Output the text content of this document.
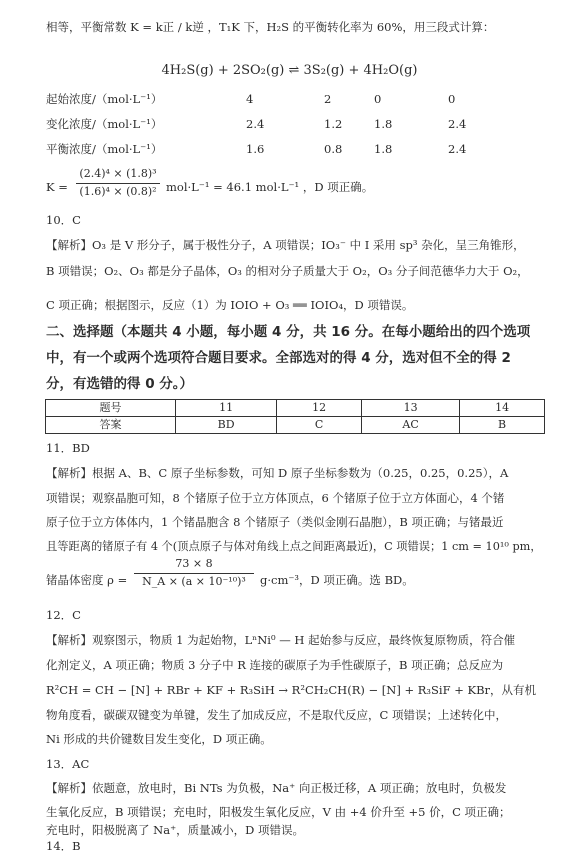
相等，平衡常数 K = k正 / k逆 ，T₁K 下，H₂S 的平衡转化率为 60%，用三段式计算：
4H₂S(g) + 2SO₂(g) ⇌ 3S₂(g) + 4H₂O(g)
起始浓度/（mol·L⁻¹）	4	2	0	0
变化浓度/（mol·L⁻¹）	2.4	1.2	1.8	2.4
平衡浓度/（mol·L⁻¹）	1.6	0.8	1.8	2.4
K =
(2.4)⁴ × (1.8)³
(1.6)⁴ × (0.8)² mol·L⁻¹ = 46.1 mol·L⁻¹ ，D 项正确。
10．C
【解析】O₃ 是 V 形分子，属于极性分子，A 项错误；IO₃⁻ 中 I 采用 sp³ 杂化，呈三角锥形，
B 项错误；O₂、O₃ 都是分子晶体，O₃ 的相对分子质量大于 O₂，O₃ 分子间范德华力大于 O₂，
C 项正确；根据图示，反应（1）为 IOIO + O₃ ══ IOIO₄，D 项错误。
二、选择题（本题共 4 小题，每小题 4 分，共 16 分。在每小题给出的四个选项
中，有一个或两个选项符合题目要求。全部选对的得 4 分，选对但不全的得 2
分，有选错的得 0 分。）
题号	11	12	13	14
答案	BD	C	AC	B
11．BD
【解析】根据 A、B、C 原子坐标参数，可知 D 原子坐标参数为（0.25，0.25，0.25），A
项错误；观察晶胞可知，8 个锗原子位于立方体顶点，6 个锗原子位于立方体面心，4 个锗
原子位于立方体体内，1 个锗晶胞含 8 个锗原子（类似金刚石晶胞），B 项正确；与锗最近
且等距离的锗原子有 4 个(顶点原子与体对角线上点之间距离最近)，C 项错误；1 cm = 10¹⁰ pm，
锗晶体密度 ρ =
73 × 8
N_A × (a × 10⁻¹⁰)³	g·cm⁻³，D 项正确。选 BD。
12．C
【解析】观察图示，物质 1 为起始物，LⁿNi⁰ — H 起始参与反应，最终恢复原物质，符合催
化剂定义，A 项正确；物质 3 分子中 R 连接的碳原子为手性碳原子，B 项正确；总反应为
R²CH = CH − [N] + RBr + KF + R₃SiH → R²CH₂CH(R) − [N] + R₃SiF + KBr，从有机
物角度看，碳碳双键变为单键，发生了加成反应，不是取代反应，C 项错误；上述转化中，
Ni 形成的共价键数目发生变化，D 项正确。
13．AC
【解析】依题意，放电时，Bi NTs 为负极，Na⁺ 向正极迁移，A 项正确；放电时，负极发
生氧化反应，B 项错误；充电时，阳极发生氧化反应，V 由 +4 价升至 +5 价，C 项正确；
充电时，阳极脱离了 Na⁺，质量减小，D 项错误。
14．B
